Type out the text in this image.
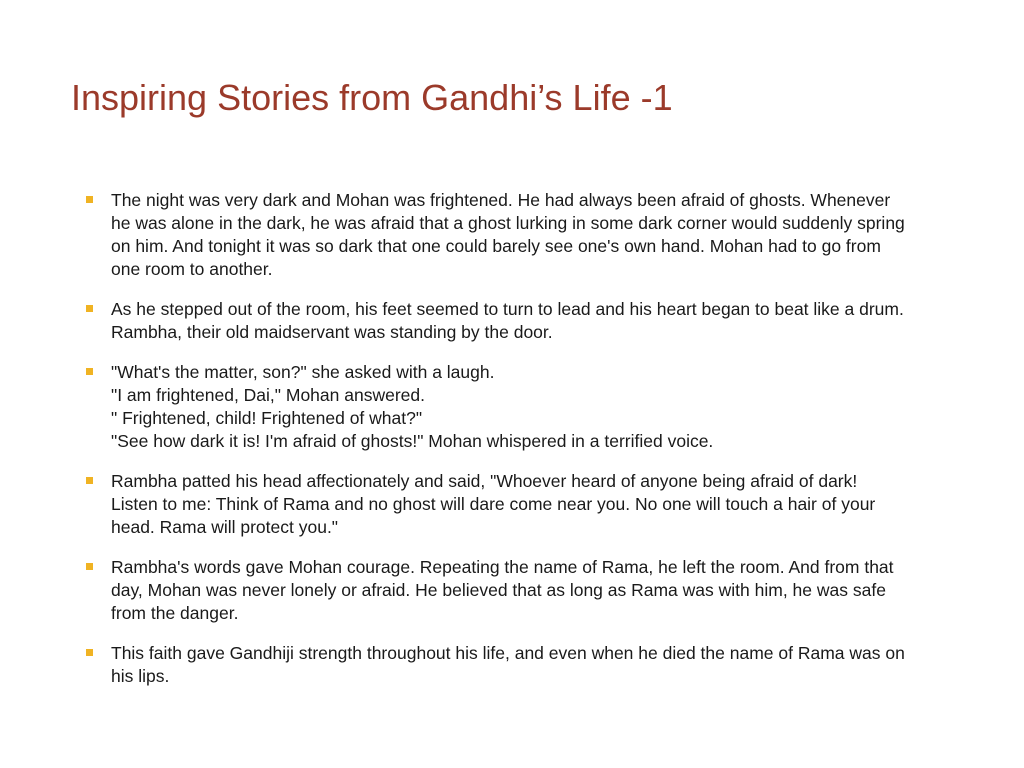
Inspiring Stories from Gandhi’s Life -1
The night was very dark and Mohan was frightened. He had always been afraid of ghosts. Whenever
he was alone in the dark, he was afraid that a ghost lurking in some dark corner would suddenly spring
on him. And tonight it was so dark that one could barely see one's own hand. Mohan had to go from
one room to another.
As he stepped out of the room, his feet seemed to turn to lead and his heart began to beat like a drum.
Rambha, their old maidservant was standing by the door.
"What's the matter, son?" she asked with a laugh.
"I am frightened, Dai," Mohan answered.
" Frightened, child! Frightened of what?"
"See how dark it is! I'm afraid of ghosts!" Mohan whispered in a terrified voice.
Rambha patted his head affectionately and said, "Whoever heard of anyone being afraid of dark!
Listen to me: Think of Rama and no ghost will dare come near you. No one will touch a hair of your
head. Rama will protect you."
Rambha's words gave Mohan courage. Repeating the name of Rama, he left the room. And from that
day, Mohan was never lonely or afraid. He believed that as long as Rama was with him, he was safe
from the danger.
This faith gave Gandhiji strength throughout his life, and even when he died the name of Rama was on
his lips.
